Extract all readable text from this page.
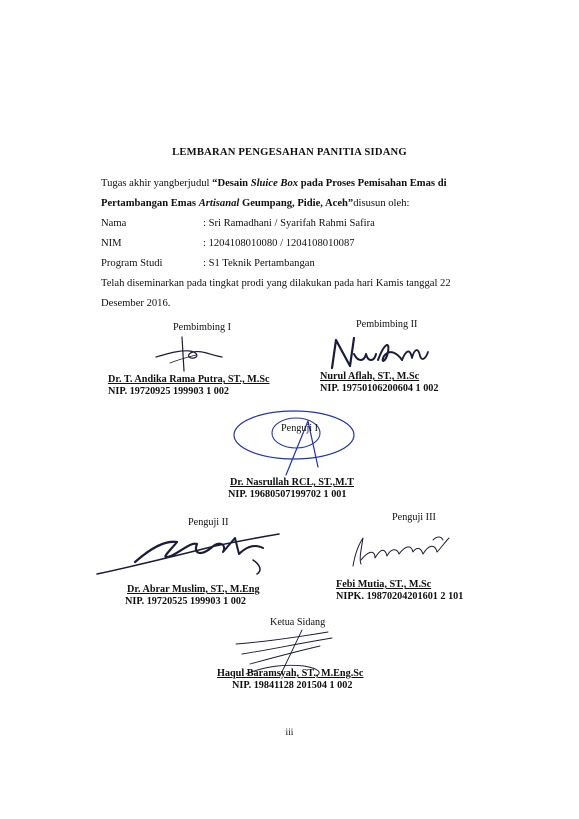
LEMBARAN PENGESAHAN PANITIA SIDANG
Tugas akhir yangberjudul “Desain Sluice Box pada Proses Pemisahan Emas di
Pertambangan Emas Artisanal Geumpang, Pidie, Aceh”disusun oleh:
Nama	: Sri Ramadhani / Syarifah Rahmi Safira
NIM	: 1204108010080 / 1204108010087
Program Studi	: S1 Teknik Pertambangan
Telah diseminarkan pada tingkat prodi yang dilakukan pada hari Kamis tanggal 22
Desember 2016.
Pembimbing I
Dr. T. Andika Rama Putra, ST., M.Sc
NIP. 19720925 199903 1 002
Pembimbing II
Nurul Aflah, ST., M.Sc
NIP. 19750106200604 1 002
Penguji I
Dr. Nasrullah RCL, ST.,M.T
NIP. 19680507199702 1 001
Penguji II
Dr. Abrar Muslim, ST., M.Eng
NIP. 19720525 199903 1 002
Penguji III
Febi Mutia, ST., M.Sc
NIPK. 19870204201601 2 101
Ketua Sidang
Haqul Baramsyah, ST., M.Eng.Sc
NIP. 19841128 201504 1 002
iii
